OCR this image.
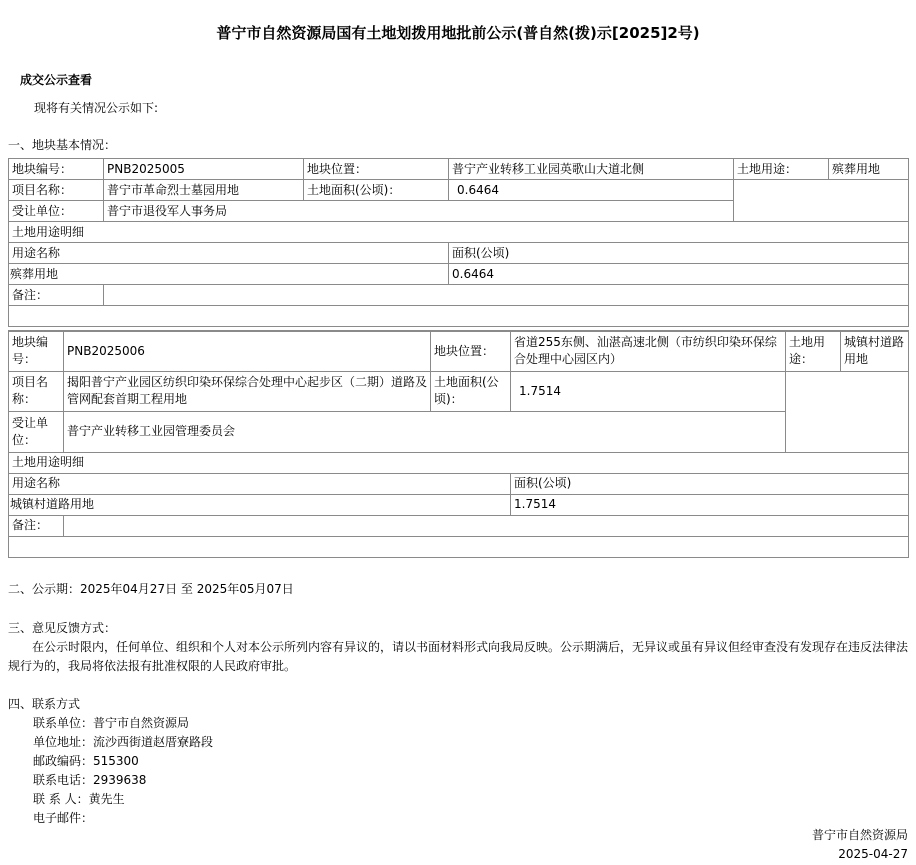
普宁市自然资源局国有土地划拨用地批前公示(普自然(拨)示[2025]2号)
成交公示查看
现将有关情况公示如下:
一、地块基本情况：
地块编号：	PNB2025005	地块位置：	普宁产业转移工业园英歌山大道北侧	土地用途：	殡葬用地
项目名称：	普宁市革命烈士墓园用地	土地面积(公顷)：	0.6464		
受让单位：	普宁市退役军人事务局				
土地用途明细					
用途名称			面积(公顷)		
殡葬用地			0.6464		
备注：					

地块编号：	PNB2025006	地块位置：	省道255东侧、汕湛高速北侧（市纺织印染环保综合处理中心园区内）	土地用途：	城镇村道路用地
项目名称：	揭阳普宁产业园区纺织印染环保综合处理中心起步区（二期）道路及管网配套首期工程用地	土地面积(公顷)：	1.7514		
受让单位：	普宁产业转移工业园管理委员会				
土地用途明细					
用途名称			面积(公顷)		
城镇村道路用地			1.7514		
备注：					

二、公示期：2025年04月27日 至 2025年05月07日
三、意见反馈方式：
在公示时限内，任何单位、组织和个人对本公示所列内容有异议的，请以书面材料形式向我局反映。公示期满后，无异议或虽有异议但经审查没有发现存在违反法律法规行为的，我局将依法报有批准权限的人民政府审批。
四、联系方式
联系单位：普宁市自然资源局
单位地址：流沙西街道赵厝寮路段
邮政编码：515300
联系电话：2939638
联 系 人：黄先生
电子邮件：
普宁市自然资源局
2025-04-27
